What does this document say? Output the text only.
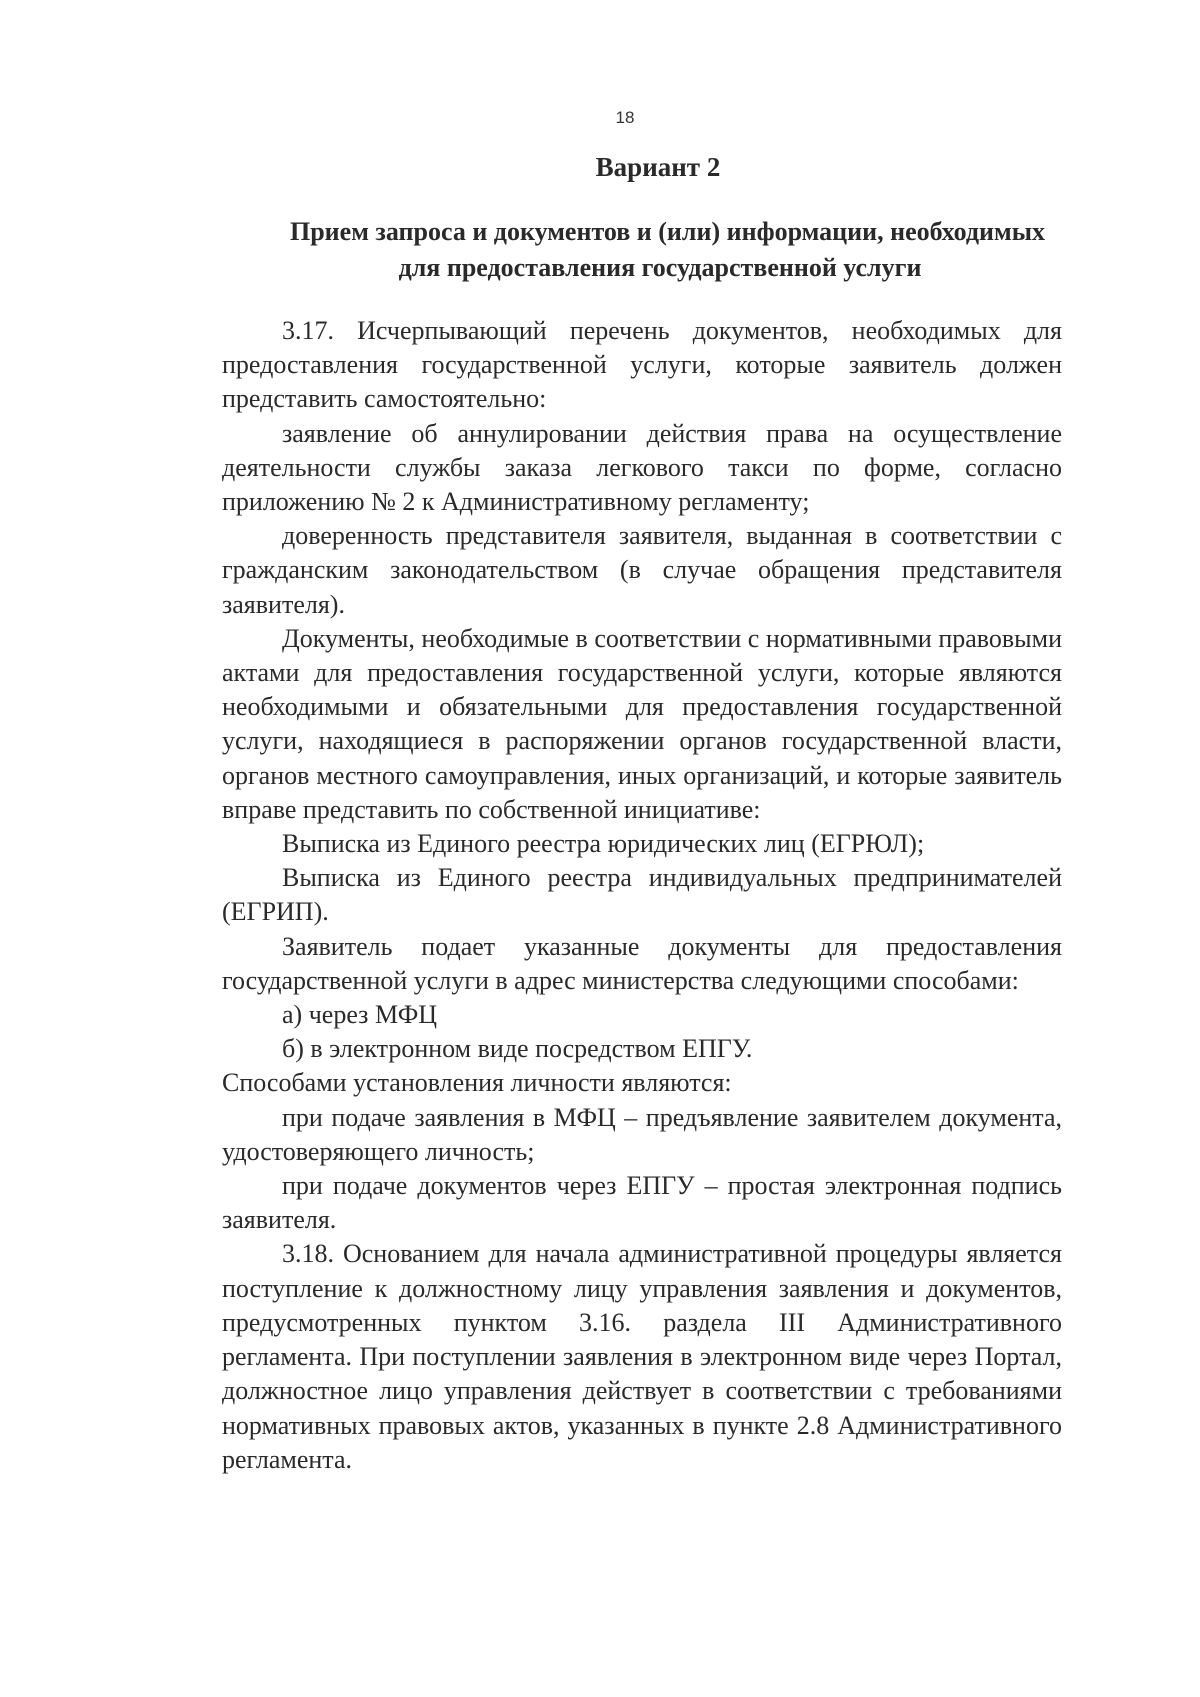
18
Вариант 2
Прием запроса и документов и (или) информации, необходимых
для предоставления государственной услуги

3.17. Исчерпывающий перечень документов, необходимых для предоставления государственной услуги, которые заявитель должен представить самостоятельно:

заявление об аннулировании действия права на осуществление деятельности службы заказа легкового такси по форме, согласно приложению № 2 к Административному регламенту;

доверенность представителя заявителя, выданная в соответствии с гражданским законодательством (в случае обращения представителя заявителя).

Документы, необходимые в соответствии с нормативными правовыми актами для предоставления государственной услуги, которые являются необходимыми и обязательными для предоставления государственной услуги, находящиеся в распоряжении органов государственной власти, органов местного самоуправления, иных организаций, и которые заявитель вправе представить по собственной инициативе:

Выписка из Единого реестра юридических лиц (ЕГРЮЛ);

Выписка из Единого реестра индивидуальных предпринимателей (ЕГРИП).

Заявитель подает указанные документы для предоставления государственной услуги в адрес министерства следующими способами:

а) через МФЦ

б) в электронном виде посредством ЕПГУ.

Способами установления личности являются:

при подаче заявления в МФЦ – предъявление заявителем документа, удостоверяющего личность;

при подаче документов через ЕПГУ – простая электронная подпись заявителя.

3.18. Основанием для начала административной процедуры является поступление к должностному лицу управления заявления и документов, предусмотренных пунктом 3.16. раздела III Административного регламента. При поступлении заявления в электронном виде через Портал, должностное лицо управления действует в соответствии с требованиями нормативных правовых актов, указанных в пункте 2.8 Административного регламента.
